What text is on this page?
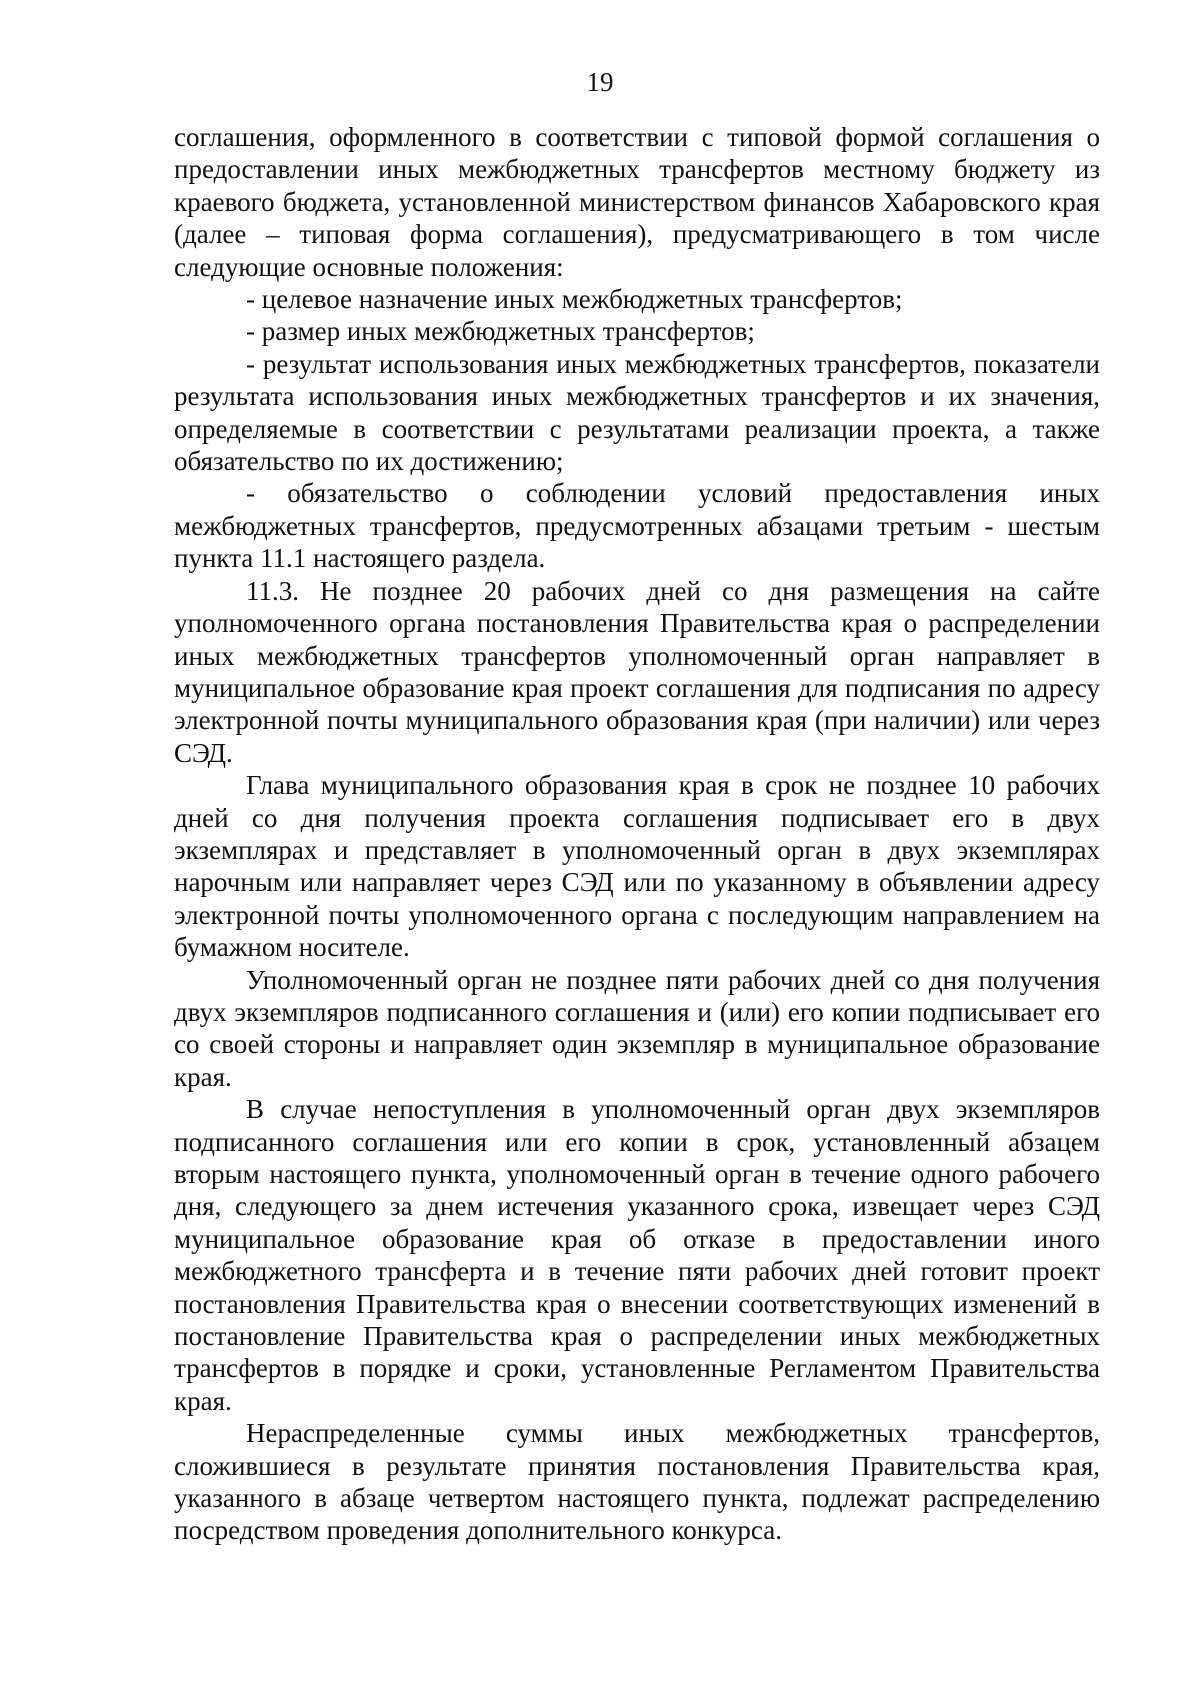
19

соглашения, оформленного в соответствии с типовой формой соглашения о предоставлении иных межбюджетных трансфертов местному бюджету из краевого бюджета, установленной министерством финансов Хабаровского края (далее – типовая форма соглашения), предусматривающего в том числе следующие основные положения:

- целевое назначение иных межбюджетных трансфертов;

- размер иных межбюджетных трансфертов;

- результат использования иных межбюджетных трансфертов, показатели результата использования иных межбюджетных трансфертов и их значения, определяемые в соответствии с результатами реализации проекта, а также обязательство по их достижению;

- обязательство о соблюдении условий предоставления иных межбюджетных трансфертов, предусмотренных абзацами третьим - шестым пункта 11.1 настоящего раздела.

11.3. Не позднее 20 рабочих дней со дня размещения на сайте уполномоченного органа постановления Правительства края о распределении иных межбюджетных трансфертов уполномоченный орган направляет в муниципальное образование края проект соглашения для подписания по адресу электронной почты муниципального образования края (при наличии) или через СЭД.

Глава муниципального образования края в срок не позднее 10 рабочих дней со дня получения проекта соглашения подписывает его в двух экземплярах и представляет в уполномоченный орган в двух экземплярах нарочным или направляет через СЭД или по указанному в объявлении адресу электронной почты уполномоченного органа с последующим направлением на бумажном носителе.

Уполномоченный орган не позднее пяти рабочих дней со дня получения двух экземпляров подписанного соглашения и (или) его копии подписывает его со своей стороны и направляет один экземпляр в муниципальное образование края.

В случае непоступления в уполномоченный орган двух экземпляров подписанного соглашения или его копии в срок, установленный абзацем вторым настоящего пункта, уполномоченный орган в течение одного рабочего дня, следующего за днем истечения указанного срока, извещает через СЭД муниципальное образование края об отказе в предоставлении иного межбюджетного трансферта и в течение пяти рабочих дней готовит проект постановления Правительства края о внесении соответствующих изменений в постановление Правительства края о распределении иных межбюджетных трансфертов в порядке и сроки, установленные Регламентом Правительства края.

Нераспределенные суммы иных межбюджетных трансфертов, сложившиеся в результате принятия постановления Правительства края, указанного в абзаце четвертом настоящего пункта, подлежат распределению посредством проведения дополнительного конкурса.
